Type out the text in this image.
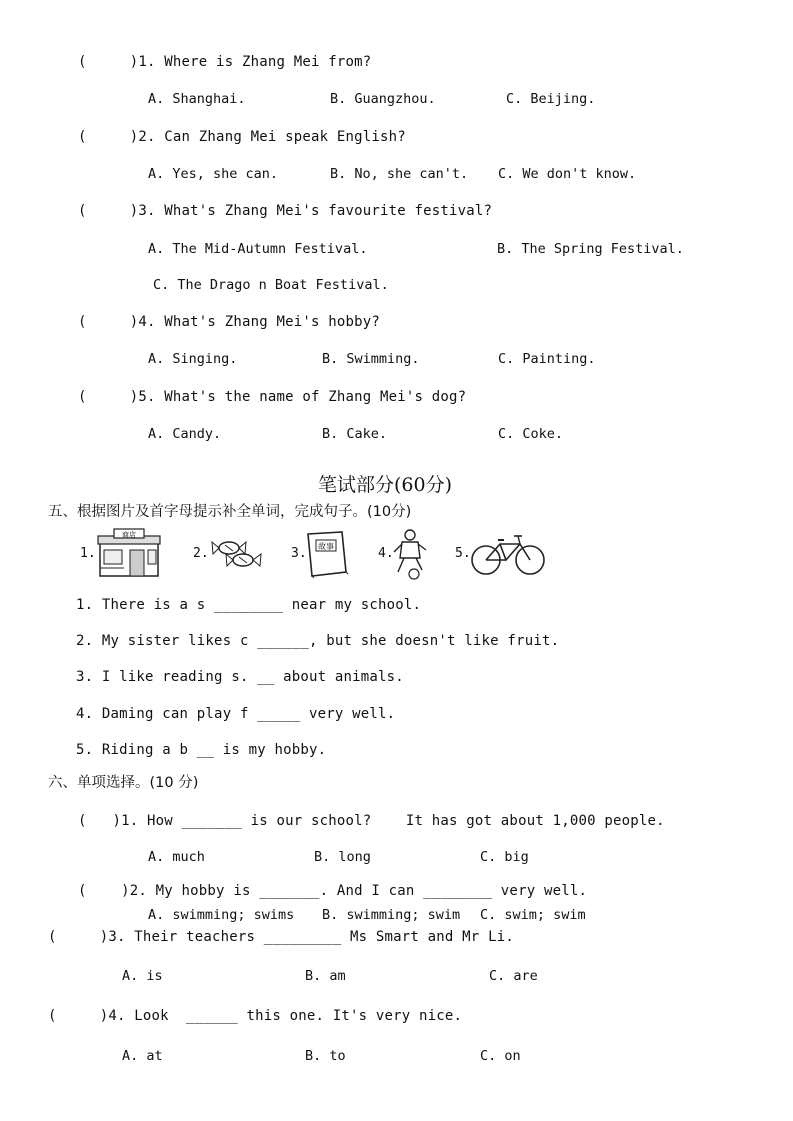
(     )1. Where is Zhang Mei from?
A. Shanghai.	B. Guangzhou.	C. Beijing.
(     )2. Can Zhang Mei speak English?
A. Yes, she can.	B. No, she can't. C. We don't know.
(     )3. What's Zhang Mei's favourite festival?
A. The Mid-Autumn Festival.	B. The Spring Festival.
C. The Drago n Boat Festival.
(     )4. What's Zhang Mei's hobby?
A. Singing.	B. Swimming.	C. Painting.
(     )5. What's the name of Zhang Mei's dog?
A. Candy.	B. Cake.	C. Coke.
笔试部分(60分)
五、根据图片及首字母提示补全单词，完成句子。(10分)
1.
商店
2.	3. 故事	4.	5.
1. There is a s ________ near my school.
2. My sister likes c ______, but she doesn't like fruit.
3. I like reading s. __ about animals.
4. Daming can play f _____ very well.
5. Riding a b __ is my hobby.
六、单项选择。(10 分)
(   )1. How _______ is our school?    It has got about 1,000 people.
A. much	B. long	C. big
(    )2. My hobby is _______. And I can ________ very well.
A. swimming; swims B. swimming; swim C. swim; swim
(     )3. Their teachers _________ Ms Smart and Mr Li.
A. is	B. am	C. are
(     )4. Look  ______ this one. It's very nice.
A. at	B. to	C. on
